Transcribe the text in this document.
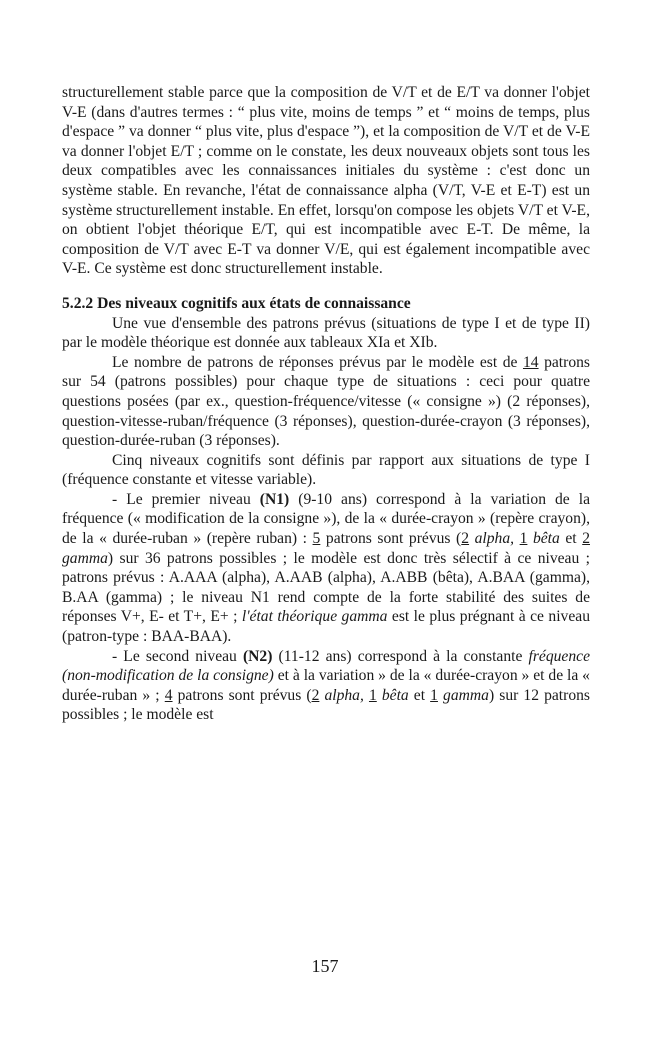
structurellement stable parce que la composition de V/T et de E/T va donner l'objet V-E (dans d'autres termes : “ plus vite, moins de temps ” et “ moins de temps, plus d'espace ” va donner “ plus vite, plus d'espace ”), et la composition de V/T et de V-E va donner l'objet E/T ; comme on le constate, les deux nouveaux objets sont tous les deux compatibles avec les connaissances initiales du système : c'est donc un système stable. En revanche, l'état de connaissance alpha (V/T, V-E et E-T) est un système structurellement instable. En effet, lorsqu'on compose les objets V/T et V-E, on obtient l'objet théorique E/T, qui est incompatible avec E-T. De même, la composition de V/T avec E-T va donner V/E, qui est également incompatible avec V-E. Ce système est donc structurellement instable.

5.2.2 Des niveaux cognitifs aux états de connaissance

Une vue d'ensemble des patrons prévus (situations de type I et de type II) par le modèle théorique est donnée aux tableaux XIa et XIb.

Le nombre de patrons de réponses prévus par le modèle est de 14 patrons sur 54 (patrons possibles) pour chaque type de situations : ceci pour quatre questions posées (par ex., question-fréquence/vitesse (« consigne ») (2 réponses), question-vitesse-ruban/fréquence (3 réponses), question-durée-crayon (3 réponses), question-durée-ruban (3 réponses).

Cinq niveaux cognitifs sont définis par rapport aux situations de type I (fréquence constante et vitesse variable).

- Le premier niveau (N1) (9-10 ans) correspond à la variation de la fréquence (« modification de la consigne »), de la « durée-crayon » (repère crayon), de la « durée-ruban » (repère ruban) : 5 patrons sont prévus (2 alpha, 1 bêta et 2 gamma) sur 36 patrons possibles ; le modèle est donc très sélectif à ce niveau ; patrons prévus : A.AAA (alpha), A.AAB (alpha), A.ABB (bêta), A.BAA (gamma), B.AA (gamma) ; le niveau N1 rend compte de la forte stabilité des suites de réponses V+, E- et T+, E+ ; l'état théorique gamma est le plus prégnant à ce niveau (patron-type : BAA-BAA).

- Le second niveau (N2) (11-12 ans) correspond à la constante fréquence (non-modification de la consigne) et à la variation » de la « durée-crayon » et de la « durée-ruban » ; 4 patrons sont prévus (2 alpha, 1 bêta et 1 gamma) sur 12 patrons possibles ; le modèle est

157
